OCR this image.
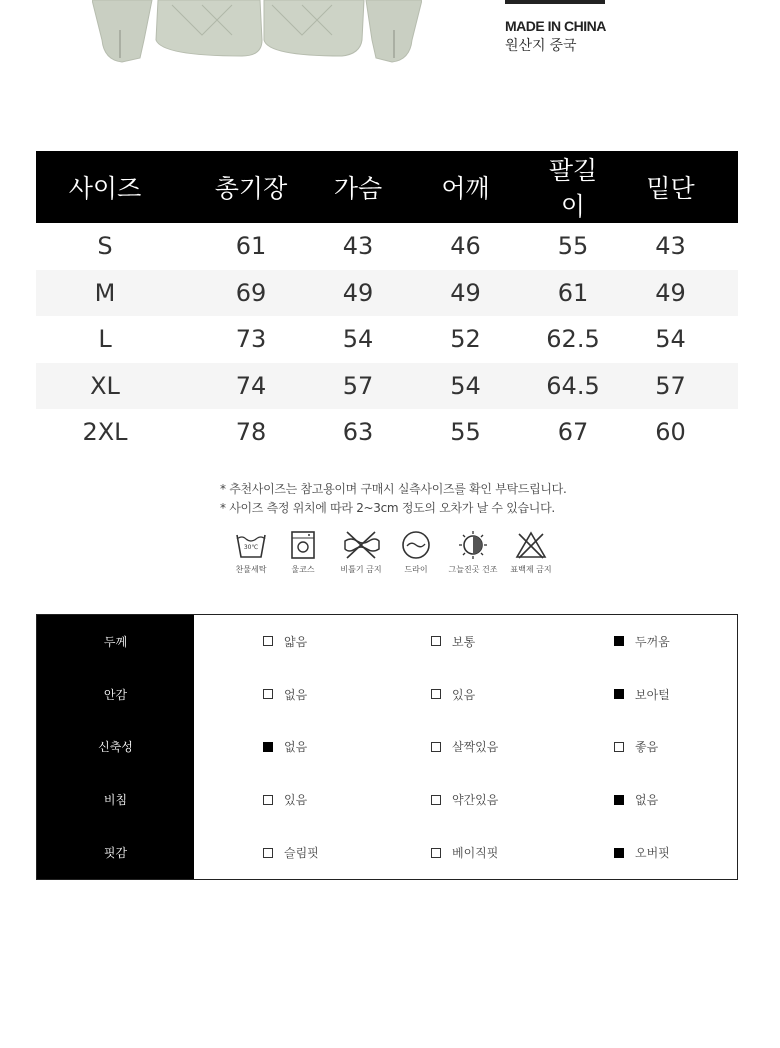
MADE IN CHINA
원산지 중국
사이즈	총기장	가슴	어깨	팔길이	밑단
S	61	43	46	55	43
M	69	49	49	61	49
L	73	54	52	62.5	54
XL	74	57	54	64.5	57
2XL	78	63	55	67	60
* 추천사이즈는 참고용이며 구매시 실측사이즈를 확인 부탁드립니다.
* 사이즈 측정 위치에 따라 2~3cm 정도의 오차가 날 수 있습니다.
30℃
찬물세탁	울코스	비틀기 금지	드라이	그늘진곳 건조	표백제 금지
두께	얇음	보통	두꺼움
안감	없음	있음	보아털
신축성	없음	살짝있음	좋음
비침	있음	약간있음	없음
핏감	슬림핏	베이직핏	오버핏
